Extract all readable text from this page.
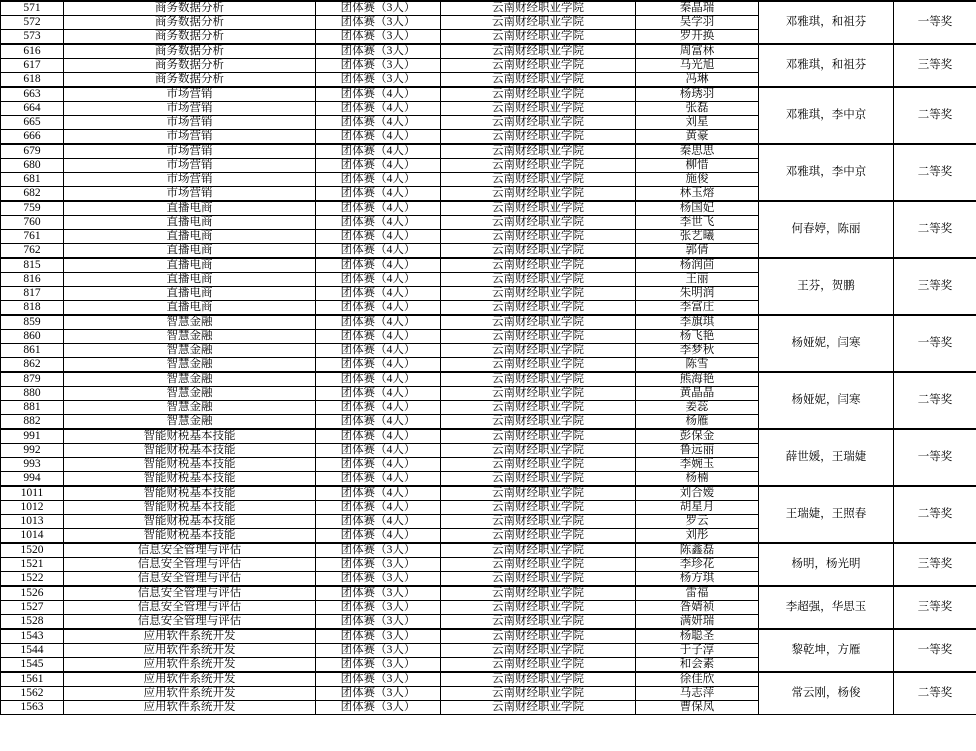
571	商务数据分析	团体赛（3人）	云南财经职业学院	秦晶瑞	邓雅琪，和祖芬	一等奖
572	商务数据分析	团体赛（3人）	云南财经职业学院	吴学羽		
573	商务数据分析	团体赛（3人）	云南财经职业学院	罗开换		
616	商务数据分析	团体赛（3人）	云南财经职业学院	周富林	邓雅琪，和祖芬	三等奖
617	商务数据分析	团体赛（3人）	云南财经职业学院	马光旭		
618	商务数据分析	团体赛（3人）	云南财经职业学院	冯琳		
663	市场营销	团体赛（4人）	云南财经职业学院	杨琇羽	邓雅琪，李中京	二等奖
664	市场营销	团体赛（4人）	云南财经职业学院	张磊		
665	市场营销	团体赛（4人）	云南财经职业学院	刘星		
666	市场营销	团体赛（4人）	云南财经职业学院	黄豪		
679	市场营销	团体赛（4人）	云南财经职业学院	秦思思	邓雅琪，李中京	二等奖
680	市场营销	团体赛（4人）	云南财经职业学院	柳惜		
681	市场营销	团体赛（4人）	云南财经职业学院	施俊		
682	市场营销	团体赛（4人）	云南财经职业学院	林玉熔		
759	直播电商	团体赛（4人）	云南财经职业学院	杨国妃	何春婷，陈丽	二等奖
760	直播电商	团体赛（4人）	云南财经职业学院	李世飞		
761	直播电商	团体赛（4人）	云南财经职业学院	张艺曦		
762	直播电商	团体赛（4人）	云南财经职业学院	郭倩		
815	直播电商	团体赛（4人）	云南财经职业学院	杨润茴	王芬，贺鹏	三等奖
816	直播电商	团体赛（4人）	云南财经职业学院	王丽		
817	直播电商	团体赛（4人）	云南财经职业学院	朱明润		
818	直播电商	团体赛（4人）	云南财经职业学院	李富庄		
859	智慧金融	团体赛（4人）	云南财经职业学院	李旗琪	杨娅妮，闫寒	一等奖
860	智慧金融	团体赛（4人）	云南财经职业学院	杨飞艳		
861	智慧金融	团体赛（4人）	云南财经职业学院	李梦秋		
862	智慧金融	团体赛（4人）	云南财经职业学院	陈雪		
879	智慧金融	团体赛（4人）	云南财经职业学院	熊海艳	杨娅妮，闫寒	二等奖
880	智慧金融	团体赛（4人）	云南财经职业学院	黄晶晶		
881	智慧金融	团体赛（4人）	云南财经职业学院	姜蕊		
882	智慧金融	团体赛（4人）	云南财经职业学院	杨雁		
991	智能财税基本技能	团体赛（4人）	云南财经职业学院	彭保金	薛世媛，王瑞婕	一等奖
992	智能财税基本技能	团体赛（4人）	云南财经职业学院	鲁远丽		
993	智能财税基本技能	团体赛（4人）	云南财经职业学院	李婉玉		
994	智能财税基本技能	团体赛（4人）	云南财经职业学院	杨楠		
1011	智能财税基本技能	团体赛（4人）	云南财经职业学院	刘合嫒	王瑞婕，王照春	二等奖
1012	智能财税基本技能	团体赛（4人）	云南财经职业学院	胡星月		
1013	智能财税基本技能	团体赛（4人）	云南财经职业学院	罗云		
1014	智能财税基本技能	团体赛（4人）	云南财经职业学院	刘彤		
1520	信息安全管理与评估	团体赛（3人）	云南财经职业学院	陈鑫磊	杨明，杨光明	三等奖
1521	信息安全管理与评估	团体赛（3人）	云南财经职业学院	李珍花		
1522	信息安全管理与评估	团体赛（3人）	云南财经职业学院	杨方琪		
1526	信息安全管理与评估	团体赛（3人）	云南财经职业学院	雷福	李超强，华思玉	三等奖
1527	信息安全管理与评估	团体赛（3人）	云南财经职业学院	昝婧祯		
1528	信息安全管理与评估	团体赛（3人）	云南财经职业学院	满妍瑞		
1543	应用软件系统开发	团体赛（3人）	云南财经职业学院	杨聪圣	黎乾坤，方雁	一等奖
1544	应用软件系统开发	团体赛（3人）	云南财经职业学院	于子淳		
1545	应用软件系统开发	团体赛（3人）	云南财经职业学院	和会素		
1561	应用软件系统开发	团体赛（3人）	云南财经职业学院	徐佳欣	常云刚，杨俊	二等奖
1562	应用软件系统开发	团体赛（3人）	云南财经职业学院	马志萍		
1563	应用软件系统开发	团体赛（3人）	云南财经职业学院	曹保凤		
